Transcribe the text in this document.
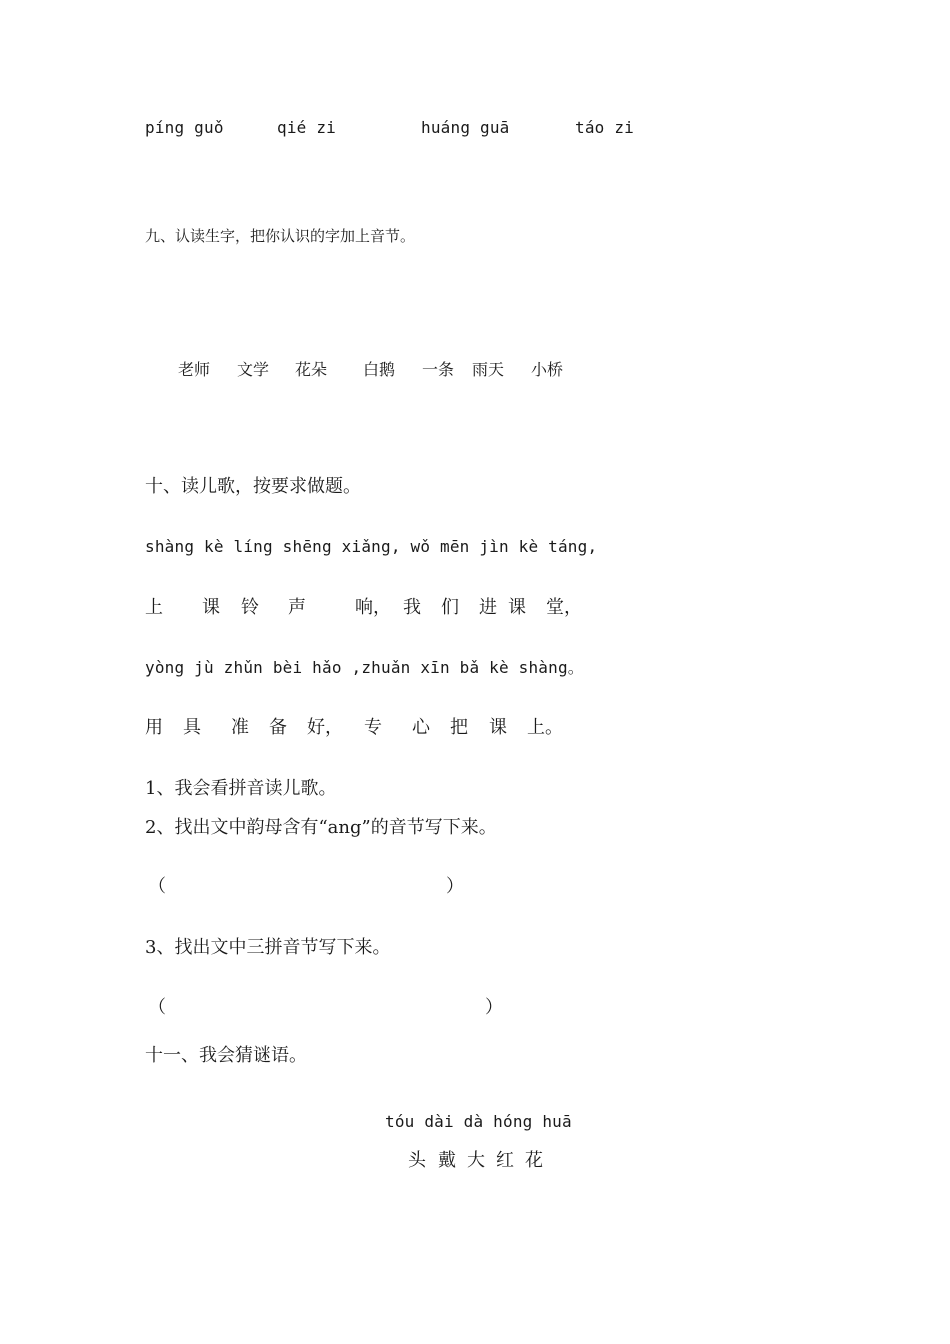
píng guǒ	qié zi	huáng guā	táo zi
九、认读生字，把你认识的字加上音节。
老师 文学 花朵 白鹅 一条 雨天 小桥
十、读儿歌，按要求做题。
shàng kè líng shēng xiǎng, wǒ mēn jìn kè táng,
上 课 铃 声	响， 我 们 进 课 堂，
yòng jù zhǔn bèi hǎo ,zhuǎn xīn bǎ kè shàng。
用 具 准 备 好， 专 心 把 课 上。
1、我会看拼音读儿歌。
2、找出文中韵母含有“ang”的音节写下来。
（	）
3、找出文中三拼音节写下来。
（	）
十一、我会猜谜语。
tóu dài dà hóng huā
头 戴 大 红 花
